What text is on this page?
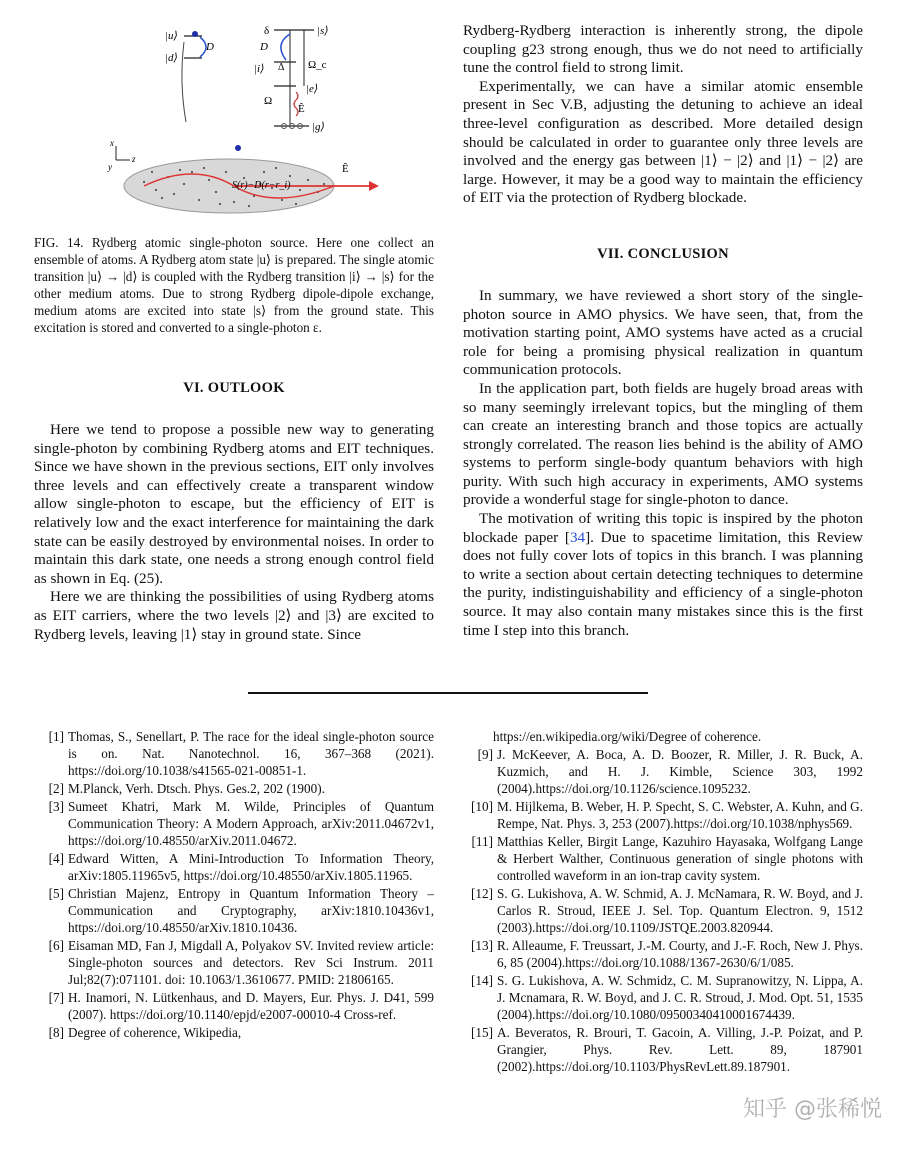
|u⟩
|d⟩
D
δ	|s⟩
D
|i⟩ Δ Ω_c
|e⟩
Ω
Ê
|g⟩
x
z
y
S(r)−D(r−r_i)
Ê

FIG. 14. Rydberg atomic single-photon source. Here one collect an ensemble of atoms. A Rydberg atom state |u⟩ is prepared. The single atomic transition |u⟩ → |d⟩ is coupled with the Rydberg transition |i⟩ → |s⟩ for the other medium atoms. Due to strong Rydberg dipole-dipole exchange, medium atoms are excited into state |s⟩ from the ground state. This excitation is stored and converted to a single-photon ε.

VI. OUTLOOK

Here we tend to propose a possible new way to generating single-photon by combining Rydberg atoms and EIT techniques. Since we have shown in the previous sections, EIT only involves three levels and can effectively create a transparent window allow single-photon to escape, but the efficiency of EIT is relatively low and the exact interference for maintaining the dark state can be easily destroyed by environmental noises. In order to maintain this dark state, one needs a strong enough control field as shown in Eq. (25).

Here we are thinking the possibilities of using Rydberg atoms as EIT carriers, where the two levels |2⟩ and |3⟩ are excited to Rydberg levels, leaving |1⟩ stay in ground state. Since

Rydberg-Rydberg interaction is inherently strong, the dipole coupling g23 strong enough, thus we do not need to artificially tune the control field to strong limit.

Experimentally, we can have a similar atomic ensemble present in Sec V.B, adjusting the detuning to achieve an ideal three-level configuration as described. More detailed design should be calculated in order to guarantee only three levels are involved and the energy gas between |1⟩ − |2⟩ and |1⟩ − |2⟩ are large. However, it may be a good way to maintain the efficiency of EIT via the protection of Rydberg blockade.

VII. CONCLUSION

In summary, we have reviewed a short story of the single-photon source in AMO physics. We have seen, that, from the motivation starting point, AMO systems have acted as a crucial role for being a promising physical realization in quantum communication protocols.

In the application part, both fields are hugely broad areas with so many seemingly irrelevant topics, but the mingling of them can create an interesting branch and those topics are actually strongly correlated. The reason lies behind is the ability of AMO systems to perform single-body quantum behaviors with high purity. With such high accuracy in experiments, AMO systems provide a wonderful stage for single-photon to dance.

The motivation of writing this topic is inspired by the photon blockade paper [34]. Due to spacetime limitation, this Review does not fully cover lots of topics in this branch. I was planning to write a section about certain detecting techniques to determine the purity, indistinguishability and efficiency of a single-photon source. It may also contain many mistakes since this is the first time I step into this branch.

[1] Thomas, S., Senellart, P. The race for the ideal single-photon source is on. Nat. Nanotechnol. 16, 367–368 (2021). https://doi.org/10.1038/s41565-021-00851-1.
[2] M.Planck, Verh. Dtsch. Phys. Ges.2, 202 (1900).
[3] Sumeet Khatri, Mark M. Wilde, Principles of Quantum Communication Theory: A Modern Approach, arXiv:2011.04672v1, https://doi.org/10.48550/arXiv.2011.04672.
[4] Edward Witten, A Mini-Introduction To Information Theory, arXiv:1805.11965v5, https://doi.org/10.48550/arXiv.1805.11965.
[5] Christian Majenz, Entropy in Quantum Information Theory – Communication and Cryptography, arXiv:1810.10436v1, https://doi.org/10.48550/arXiv.1810.10436.
[6] Eisaman MD, Fan J, Migdall A, Polyakov SV. Invited review article: Single-photon sources and detectors. Rev Sci Instrum. 2011 Jul;82(7):071101. doi: 10.1063/1.3610677. PMID: 21806165.
[7] H. Inamori, N. Lütkenhaus, and D. Mayers, Eur. Phys. J. D41, 599 (2007). https://doi.org/10.1140/epjd/e2007-00010-4 Cross-ref.
[8] Degree of coherence, Wikipedia,
https://en.wikipedia.org/wiki/Degree of coherence.
[9] J. McKeever, A. Boca, A. D. Boozer, R. Miller, J. R. Buck, A. Kuzmich, and H. J. Kimble, Science 303, 1992 (2004).https://doi.org/10.1126/science.1095232.
[10] M. Hijlkema, B. Weber, H. P. Specht, S. C. Webster, A. Kuhn, and G. Rempe, Nat. Phys. 3, 253 (2007).https://doi.org/10.1038/nphys569.
[11] Matthias Keller, Birgit Lange, Kazuhiro Hayasaka, Wolfgang Lange & Herbert Walther, Continuous generation of single photons with controlled waveform in an ion-trap cavity system.
[12] S. G. Lukishova, A. W. Schmid, A. J. McNamara, R. W. Boyd, and J. Carlos R. Stroud, IEEE J. Sel. Top. Quantum Electron. 9, 1512 (2003).https://doi.org/10.1109/JSTQE.2003.820944.
[13] R. Alleaume, F. Treussart, J.-M. Courty, and J.-F. Roch, New J. Phys. 6, 85 (2004).https://doi.org/10.1088/1367-2630/6/1/085.
[14] S. G. Lukishova, A. W. Schmidz, C. M. Supranowitzy, N. Lippa, A. J. Mcnamara, R. W. Boyd, and J. C. R. Stroud, J. Mod. Opt. 51, 1535 (2004).https://doi.org/10.1080/09500340410001674439.
[15] A. Beveratos, R. Brouri, T. Gacoin, A. Villing, J.-P. Poizat, and P. Grangier, Phys. Rev. Lett. 89, 187901 (2002).https://doi.org/10.1103/PhysRevLett.89.187901.
知乎 @张稀悦
